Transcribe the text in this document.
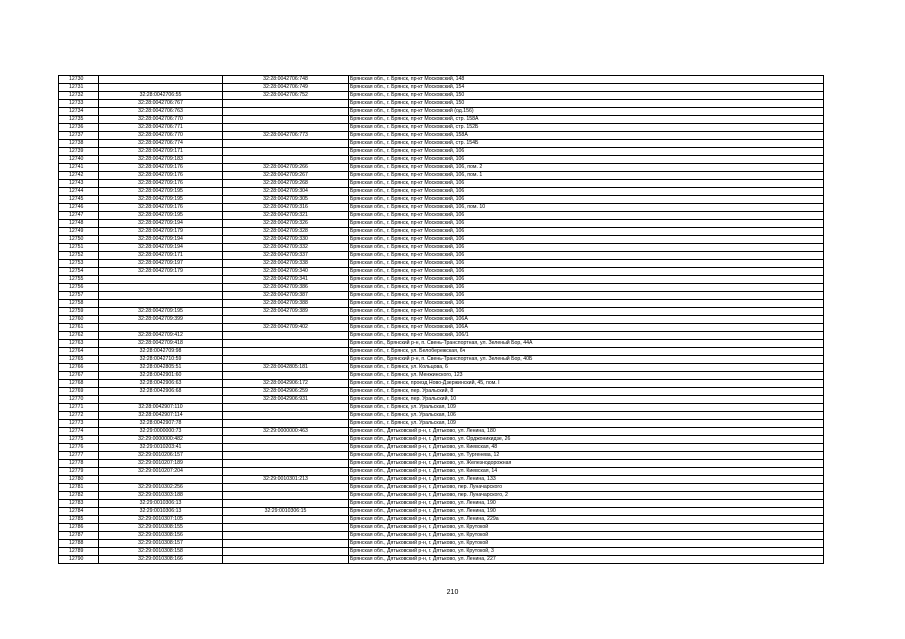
12730		32:28:0042706:748	Брянская обл., г. Брянск, пр-кт Московский, 148
12731		32:28:0042706:749	Брянская обл., г. Брянск, пр-кт Московский, 154
12732	32:28:0042706:55	32:28:0042706:752	Брянская обл., г. Брянск, пр-кт Московский, 150
12733	32:28:0042706:767		Брянская обл., г. Брянск, пр-кт Московский, 150
12734	32:28:0042706:763		Брянская обл., г. Брянск, пр-кт Московский (од.156)
12735	32:28:0042706:770		Брянская обл., г. Брянск, пр-кт Московский, стр. 158А
12736	32:28:0042706:771		Брянская обл., г. Брянск, пр-кт Московский, стр. 152Б
12737	32:28:0042706:770	32:28:0042706:773	Брянская обл., г. Брянск, пр-кт Московский, 158А
12738	32:28:0042706:774		Брянская обл., г. Брянск, пр-кт Московский, стр. 154Б
12739	32:28:0042709:171		Брянская обл., г. Брянск, пр-кт Московский, 106
12740	32:28:0042709:183		Брянская обл., г. Брянск, пр-кт Московский, 106
12741	32:28:0042709:176	32:28:0042709:266	Брянская обл., г. Брянск, пр-кт Московский, 106, пом. 2
12742	32:28:0042709:176	32:28:0042709:267	Брянская обл., г. Брянск, пр-кт Московский, 106, пом. 1
12743	32:28:0042709:176	32:28:0042709:268	Брянская обл., г. Брянск, пр-кт Московский, 106
12744	32:28:0042709:195	32:28:0042709:304	Брянская обл., г. Брянск, пр-кт Московский, 106
12745	32:28:0042709:195	32:28:0042709:305	Брянская обл., г. Брянск, пр-кт Московский, 106
12746	32:28:0042709:176	32:28:0042709:316	Брянская обл., г. Брянск, пр-кт Московский, 106, пом. 10
12747	32:28:0042709:195	32:28:0042709:321	Брянская обл., г. Брянск, пр-кт Московский, 106
12748	32:28:0042709:194	32:28:0042709:326	Брянская обл., г. Брянск, пр-кт Московский, 106
12749	32:28:0042709:179	32:28:0042709:328	Брянская обл., г. Брянск, пр-кт Московский, 106
12750	32:28:0042709:194	32:28:0042709:330	Брянская обл., г. Брянск, пр-кт Московский, 106
12751	32:28:0042709:194	32:28:0042709:332	Брянская обл., г. Брянск, пр-кт Московский, 106
12752	32:28:0042709:171	32:28:0042709:337	Брянская обл., г. Брянск, пр-кт Московский, 106
12753	32:28:0042709:197	32:28:0042709:338	Брянская обл., г. Брянск, пр-кт Московский, 106
12754	32:28:0042709:179	32:28:0042709:340	Брянская обл., г. Брянск, пр-кт Московский, 106
12755		32:28:0042709:341	Брянская обл., г. Брянск, пр-кт Московский, 106
12756		32:28:0042709:386	Брянская обл., г. Брянск, пр-кт Московский, 106
12757		32:28:0042709:387	Брянская обл., г. Брянск, пр-кт Московский, 106
12758		32:28:0042709:388	Брянская обл., г. Брянск, пр-кт Московский, 106
12759	32:28:0042709:195	32:28:0042709:389	Брянская обл., г. Брянск, пр-кт Московский, 106
12760	32:28:0042709:399		Брянская обл., г. Брянск, пр-кт Московский, 106А
12761		32:28:0042709:402	Брянская обл., г. Брянск, пр-кт Московский, 106А
12762	32:28:0042709:412		Брянская обл., г. Брянск, пр-кт Московский, 106/1
12763	32:28:0042709:418		Брянская обл., Брянский р-н, п. Свень-Транспортная, ул. Зеленый Бор, 44А
12764	32:28:0042709:98		Брянская обл., г. Брянск, ул. Белобережская, 6ч
12765	32:28:0042710:59		Брянская обл., Брянский р-н, п. Свень-Транспортная, ул. Зеленый Бор, 40Б
12766	32:28:0042805:51	32:28:0042805:181	Брянская обл., г. Брянск, ул. Кольцова, 6
12767	32:28:0042901:60		Брянская обл., г. Брянск, ул. Менжинского, 123
12768	32:28:0042906:63	32:28:0042906:172	Брянская обл., г. Брянск, проезд Ново-Дзержинский, 45, пом. I
12769	32:28:0042906:68	32:28:0042906:259	Брянская обл., г. Брянск, пер. Уральский, 8
12770		32:28:0042906:931	Брянская обл., г. Брянск, пер. Уральский, 10
12771	32:28:0042907:110		Брянская обл., г. Брянск, ул. Уральская, 109
12772	32:28:0042907:114		Брянская обл., г. Брянск, ул. Уральская, 106
12773	32:28:0042907:78		Брянская обл., г. Брянск, ул. Уральская, 109
12774	32:29:0000000:73	32:29:0000000:463	Брянская обл., Дятьковский р-н, г. Дятьково, ул. Ленина, 180
12775	32:29:0000000:482		Брянская обл., Дятьковский р-н, г. Дятьково, ул. Орджоникидзе, 26
12776	32:29:0010203:41		Брянская обл., Дятьковский р-н, г. Дятьково, ул. Киевская, 48
12777	32:29:0010206:157		Брянская обл., Дятьковский р-н, г. Дятьково, ул. Тургенева, 12
12778	32:29:0010207:189		Брянская обл., Дятьковский р-н, г. Дятьково, ул. Железнодорожная
12779	32:29:0010207:204		Брянская обл., Дятьковский р-н, г. Дятьково, ул. Киевская, 14
12780		32:29:0010301:213	Брянская обл., Дятьковский р-н, г. Дятьково, ул. Ленина, 133
12781	32:29:0010302:256		Брянская обл., Дятьковский р-н, г. Дятьково, пер. Луначарского
12782	32:29:0010303:188		Брянская обл., Дятьковский р-н, г. Дятьково, пер. Луначарского, 2
12783	32:29:0010306:13		Брянская обл., Дятьковский р-н, г. Дятьково, ул. Ленина, 190
12784	32:29:0010306:13	32:29:0010306:15	Брянская обл., Дятьковский р-н, г. Дятьково, ул. Ленина, 190
12785	32:29:0010307:105		Брянская обл., Дятьковский р-н, г. Дятьково, ул. Ленина, 229а
12786	32:29:0010308:155		Брянская обл., Дятьковский р-н, г. Дятьково, ул. Крутокой
12787	32:29:0010308:156		Брянская обл., Дятьковский р-н, г. Дятьково, ул. Крутокой
12788	32:29:0010308:157		Брянская обл., Дятьковский р-н, г. Дятьково, ул. Крутокой
12789	32:29:0010308:158		Брянская обл., Дятьковский р-н, г. Дятьково, ул. Крутокой, 3
12790	32:29:0010308:166		Брянская обл., Дятьковский р-н, г. Дятьково, ул. Ленина, 227
210
